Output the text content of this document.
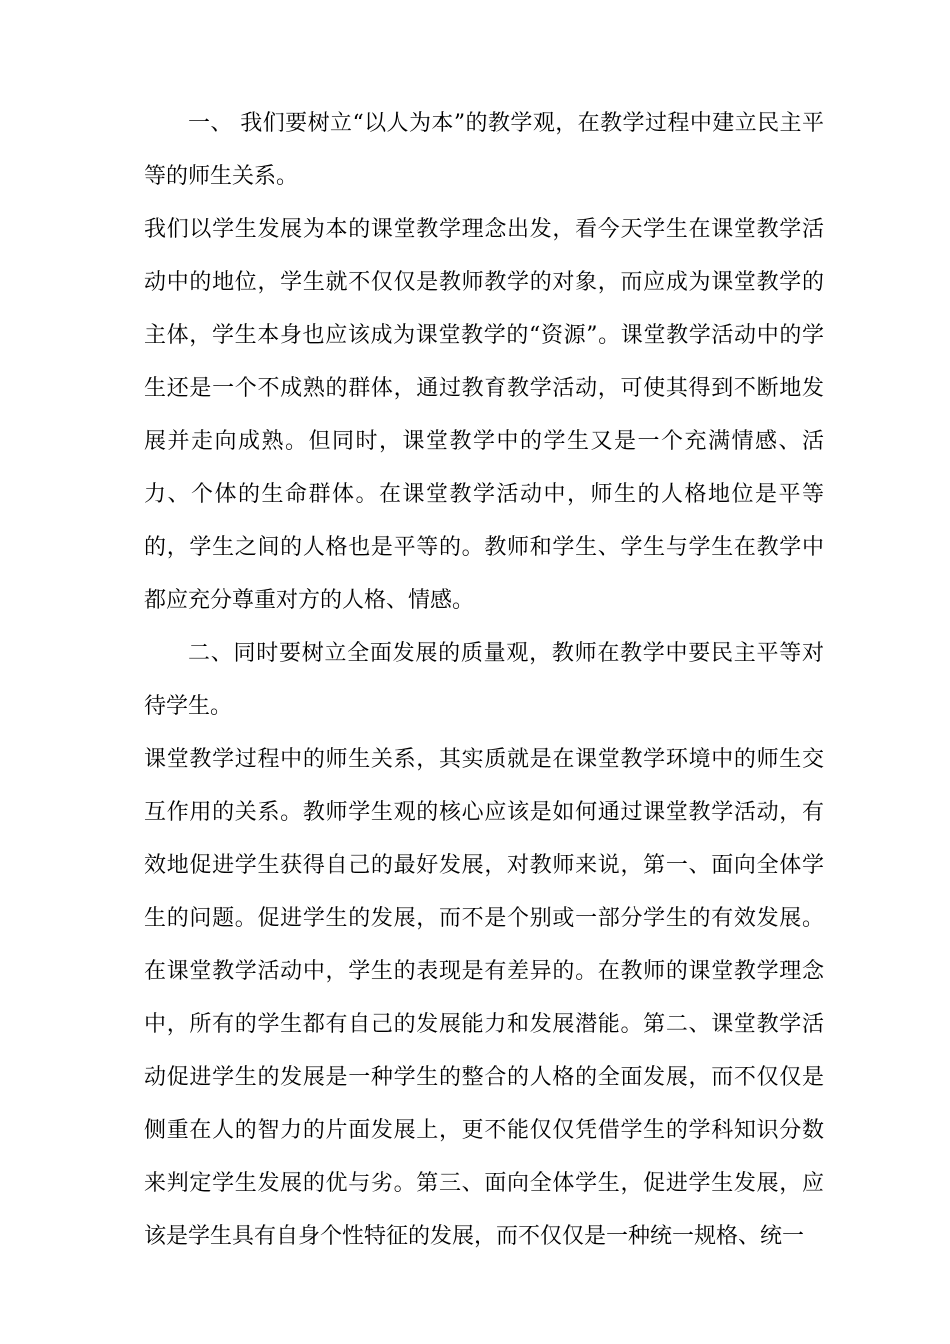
一、 我们要树立“以人为本”的教学观，在教学过程中建立民主平等的师生关系。

我们以学生发展为本的课堂教学理念出发，看今天学生在课堂教学活动中的地位，学生就不仅仅是教师教学的对象，而应成为课堂教学的主体，学生本身也应该成为课堂教学的“资源”。课堂教学活动中的学生还是一个不成熟的群体，通过教育教学活动，可使其得到不断地发展并走向成熟。但同时，课堂教学中的学生又是一个充满情感、活力、个体的生命群体。在课堂教学活动中，师生的人格地位是平等的，学生之间的人格也是平等的。教师和学生、学生与学生在教学中都应充分尊重对方的人格、情感。

二、同时要树立全面发展的质量观，教师在教学中要民主平等对待学生。

课堂教学过程中的师生关系，其实质就是在课堂教学环境中的师生交互作用的关系。教师学生观的核心应该是如何通过课堂教学活动，有效地促进学生获得自己的最好发展，对教师来说，第一、面向全体学生的问题。促进学生的发展，而不是个别或一部分学生的有效发展。在课堂教学活动中，学生的表现是有差异的。在教师的课堂教学理念中，所有的学生都有自己的发展能力和发展潜能。第二、课堂教学活动促进学生的发展是一种学生的整合的人格的全面发展，而不仅仅是侧重在人的智力的片面发展上，更不能仅仅凭借学生的学科知识分数来判定学生发展的优与劣。第三、面向全体学生，促进学生发展，应该是学生具有自身个性特征的发展，而不仅仅是一种统一规格、统一
